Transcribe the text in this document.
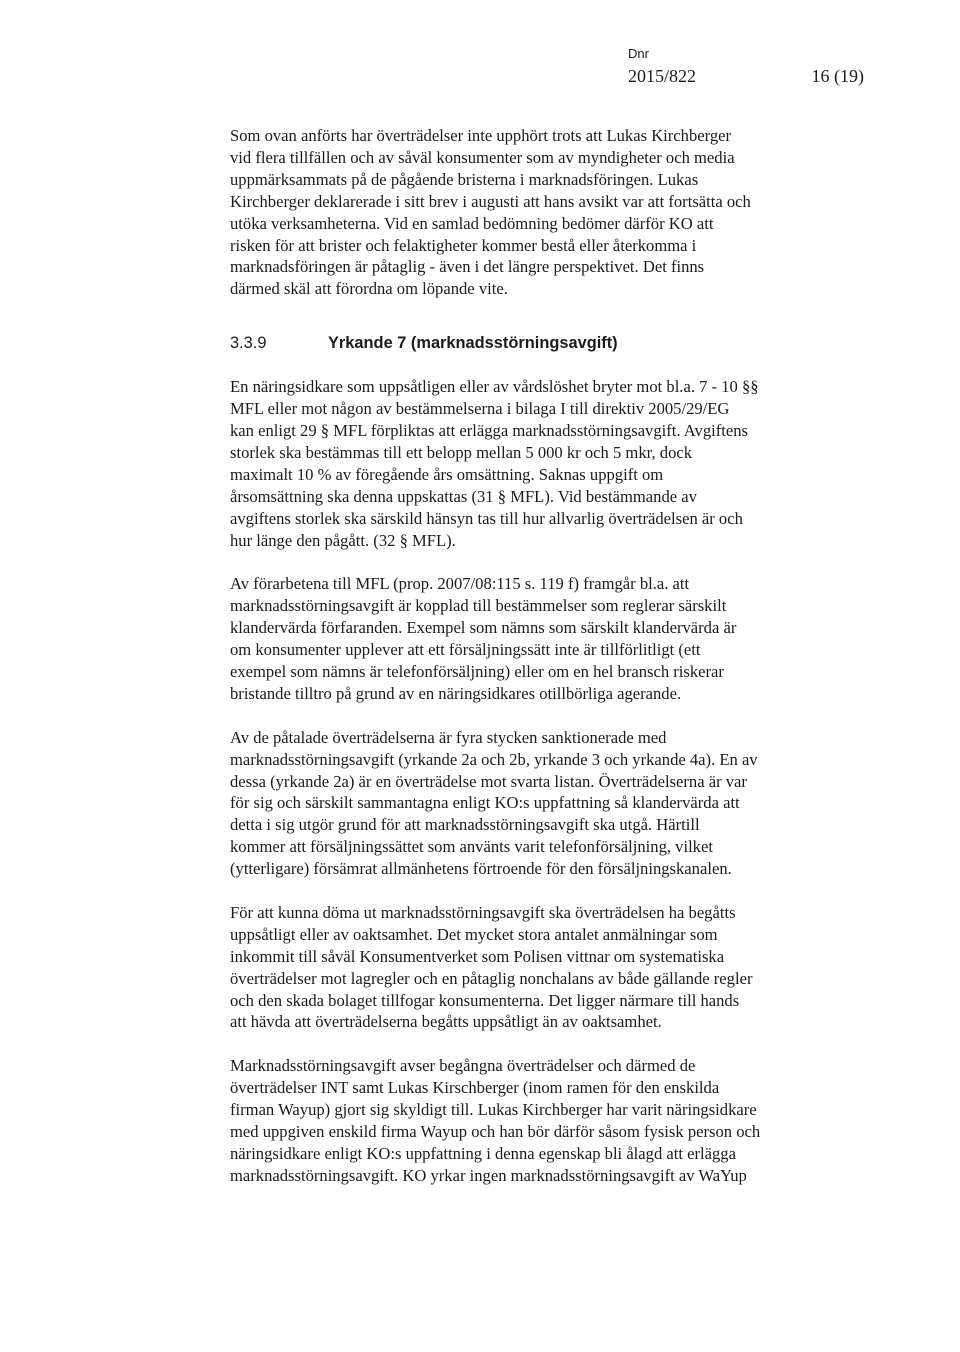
Dnr
2015/822	16 (19)
Som ovan anförts har överträdelser inte upphört trots att Lukas Kirchberger
vid flera tillfällen och av såväl konsumenter som av myndigheter och media
uppmärksammats på de pågående bristerna i marknadsföringen. Lukas
Kirchberger deklarerade i sitt brev i augusti att hans avsikt var att fortsätta och
utöka verksamheterna. Vid en samlad bedömning bedömer därför KO att
risken för att brister och felaktigheter kommer bestå eller återkomma i
marknadsföringen är påtaglig - även i det längre perspektivet. Det finns
därmed skäl att förordna om löpande vite.
3.3.9	Yrkande 7 (marknadsstörningsavgift)
En näringsidkare som uppsåtligen eller av vårdslöshet bryter mot bl.a. 7 - 10 §§
MFL eller mot någon av bestämmelserna i bilaga I till direktiv 2005/29/EG
kan enligt 29 § MFL förpliktas att erlägga marknadsstörningsavgift. Avgiftens
storlek ska bestämmas till ett belopp mellan 5 000 kr och 5 mkr, dock
maximalt 10 % av föregående års omsättning. Saknas uppgift om
årsomsättning ska denna uppskattas (31 § MFL). Vid bestämmande av
avgiftens storlek ska särskild hänsyn tas till hur allvarlig överträdelsen är och
hur länge den pågått. (32 § MFL).
Av förarbetena till MFL (prop. 2007/08:115 s. 119 f) framgår bl.a. att
marknadsstörningsavgift är kopplad till bestämmelser som reglerar särskilt
klandervärda förfaranden. Exempel som nämns som särskilt klandervärda är
om konsumenter upplever att ett försäljningssätt inte är tillförlitligt (ett
exempel som nämns är telefonförsäljning) eller om en hel bransch riskerar
bristande tilltro på grund av en näringsidkares otillbörliga agerande.
Av de påtalade överträdelserna är fyra stycken sanktionerade med
marknadsstörningsavgift (yrkande 2a och 2b, yrkande 3 och yrkande 4a). En av
dessa (yrkande 2a) är en överträdelse mot svarta listan. Överträdelserna är var
för sig och särskilt sammantagna enligt KO:s uppfattning så klandervärda att
detta i sig utgör grund för att marknadsstörningsavgift ska utgå. Härtill
kommer att försäljningssättet som använts varit telefonförsäljning, vilket
(ytterligare) försämrat allmänhetens förtroende för den försäljningskanalen.
För att kunna döma ut marknadsstörningsavgift ska överträdelsen ha begåtts
uppsåtligt eller av oaktsamhet. Det mycket stora antalet anmälningar som
inkommit till såväl Konsumentverket som Polisen vittnar om systematiska
överträdelser mot lagregler och en påtaglig nonchalans av både gällande regler
och den skada bolaget tillfogar konsumenterna. Det ligger närmare till hands
att hävda att överträdelserna begåtts uppsåtligt än av oaktsamhet.
Marknadsstörningsavgift avser begångna överträdelser och därmed de
överträdelser INT samt Lukas Kirschberger (inom ramen för den enskilda
firman Wayup) gjort sig skyldigt till. Lukas Kirchberger har varit näringsidkare
med uppgiven enskild firma Wayup och han bör därför såsom fysisk person och
näringsidkare enligt KO:s uppfattning i denna egenskap bli ålagd att erlägga
marknadsstörningsavgift. KO yrkar ingen marknadsstörningsavgift av WaYup
